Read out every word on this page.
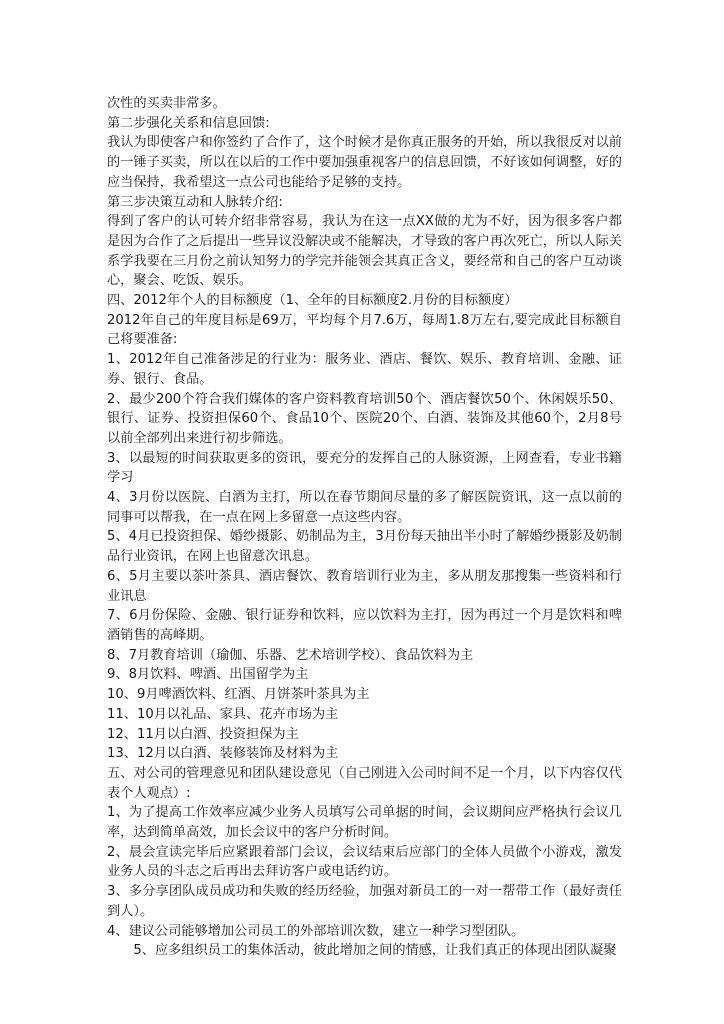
次性的买卖非常多。

第二步强化关系和信息回馈:

我认为即使客户和你签约了合作了，这个时候才是你真正服务的开始，所以我很反对以前的一锤子买卖，所以在以后的工作中要加强重视客户的信息回馈，不好该如何调整，好的应当保持，我希望这一点公司也能给予足够的支持。

第三步决策互动和人脉转介绍:

得到了客户的认可转介绍非常容易，我认为在这一点XX做的尤为不好，因为很多客户都是因为合作了之后提出一些异议没解决或不能解决，才导致的客户再次死亡，所以人际关系学我要在三月份之前认知努力的学完并能领会其真正含义，要经常和自己的客户互动谈心，聚会、吃饭、娱乐。

四、2012年个人的目标额度（1、全年的目标额度2.月份的目标额度）

2012年自己的年度目标是69万，平均每个月7.6万，每周1.8万左右,要完成此目标额自己将要准备:

1、2012年自己准备涉足的行业为：服务业、酒店、餐饮、娱乐、教育培训、金融、证券、银行、食品。

2、最少200个符合我们媒体的客户资料教育培训50个、酒店餐饮50个、休闲娱乐50、银行、证券、投资担保60个、食品10个、医院20个、白酒、装饰及其他60个，2月8号以前全部列出来进行初步筛选。

3、以最短的时间获取更多的资讯，要充分的发挥自己的人脉资源，上网查看，专业书籍学习

4、3月份以医院、白酒为主打，所以在春节期间尽量的多了解医院资讯，这一点以前的同事可以帮我，在一点在网上多留意一点这些内容。

5、4月已投资担保、婚纱摄影、奶制品为主，3月份每天抽出半小时了解婚纱摄影及奶制品行业资讯，在网上也留意次讯息。

6、5月主要以茶叶茶具、酒店餐饮、教育培训行业为主，多从朋友那搜集一些资料和行业讯息

7、6月份保险、金融、银行证券和饮料，应以饮料为主打，因为再过一个月是饮料和啤酒销售的高峰期。

8、7月教育培训（瑜伽、乐器、艺术培训学校）、食品饮料为主

9、8月饮料、啤酒、出国留学为主

10、9月啤酒饮料、红酒、月饼茶叶茶具为主

11、10月以礼品、家具、花卉市场为主

12、11月以白酒、投资担保为主

13、12月以白酒、装修装饰及材料为主

五、对公司的管理意见和团队建设意见（自己刚进入公司时间不足一个月，以下内容仅代表个人观点）:

1、为了提高工作效率应减少业务人员填写公司单据的时间，会议期间应严格执行会议几率，达到简单高效，加长会议中的客户分析时间。

2、晨会宣读完毕后应紧跟着部门会议，会议结束后应部门的全体人员做个小游戏，激发业务人员的斗志之后再出去拜访客户或电话约访。

3、多分享团队成员成功和失败的经历经验，加强对新员工的一对一帮带工作（最好责任到人）。

4、建议公司能够增加公司员工的外部培训次数，建立一种学习型团队。

5、应多组织员工的集体活动，彼此增加之间的情感，让我们真正的体现出团队凝聚
